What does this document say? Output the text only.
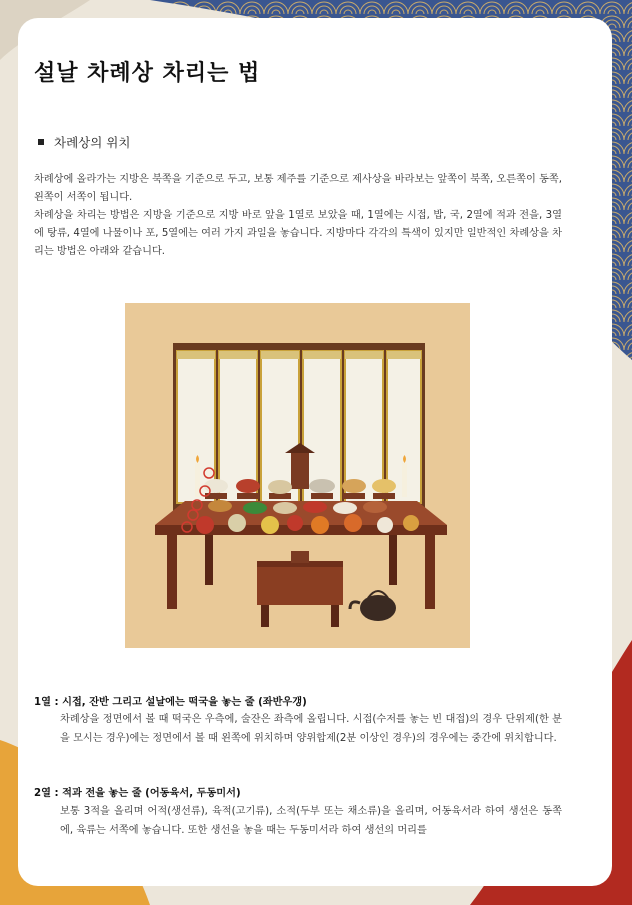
설날 차례상 차리는 법
차례상의 위치

차례상에 올라가는 지방은 북쪽을 기준으로 두고, 보통 제주를 기준으로 제사상을 바라보는 앞쪽이 북쪽, 오른쪽이 동쪽, 왼쪽이 서쪽이 됩니다.

차례상을 차리는 방법은 지방을 기준으로 지방 바로 앞을 1열로 보았을 때, 1열에는 시접, 밥, 국, 2열에 적과 전을, 3열에 탕류, 4열에 나물이나 포, 5열에는 여러 가지 과일을 놓습니다. 지방마다 각각의 특색이 있지만 일반적인 차례상을 차리는 방법은 아래와 같습니다.

1열 : 시접, 잔반 그리고 설날에는 떡국을 놓는 줄 (좌반우갱)

차례상을 정면에서 볼 때 떡국은 우측에, 술잔은 좌측에 올립니다. 시접(수저를 놓는 빈 대접)의 경우 단위제(한 분을 모시는 경우)에는 정면에서 볼 때 왼쪽에 위치하며 양위합제(2분 이상인 경우)의 경우에는 중간에 위치합니다.

2열 : 적과 전을 놓는 줄 (어동육서, 두동미서)

보통 3적을 올리며 어적(생선류), 육적(고기류), 소적(두부 또는 채소류)을 올리며, 어동육서라 하여 생선은 동쪽에, 육류는 서쪽에 놓습니다. 또한 생선을 놓을 때는 두동미서라 하여 생선의 머리를
